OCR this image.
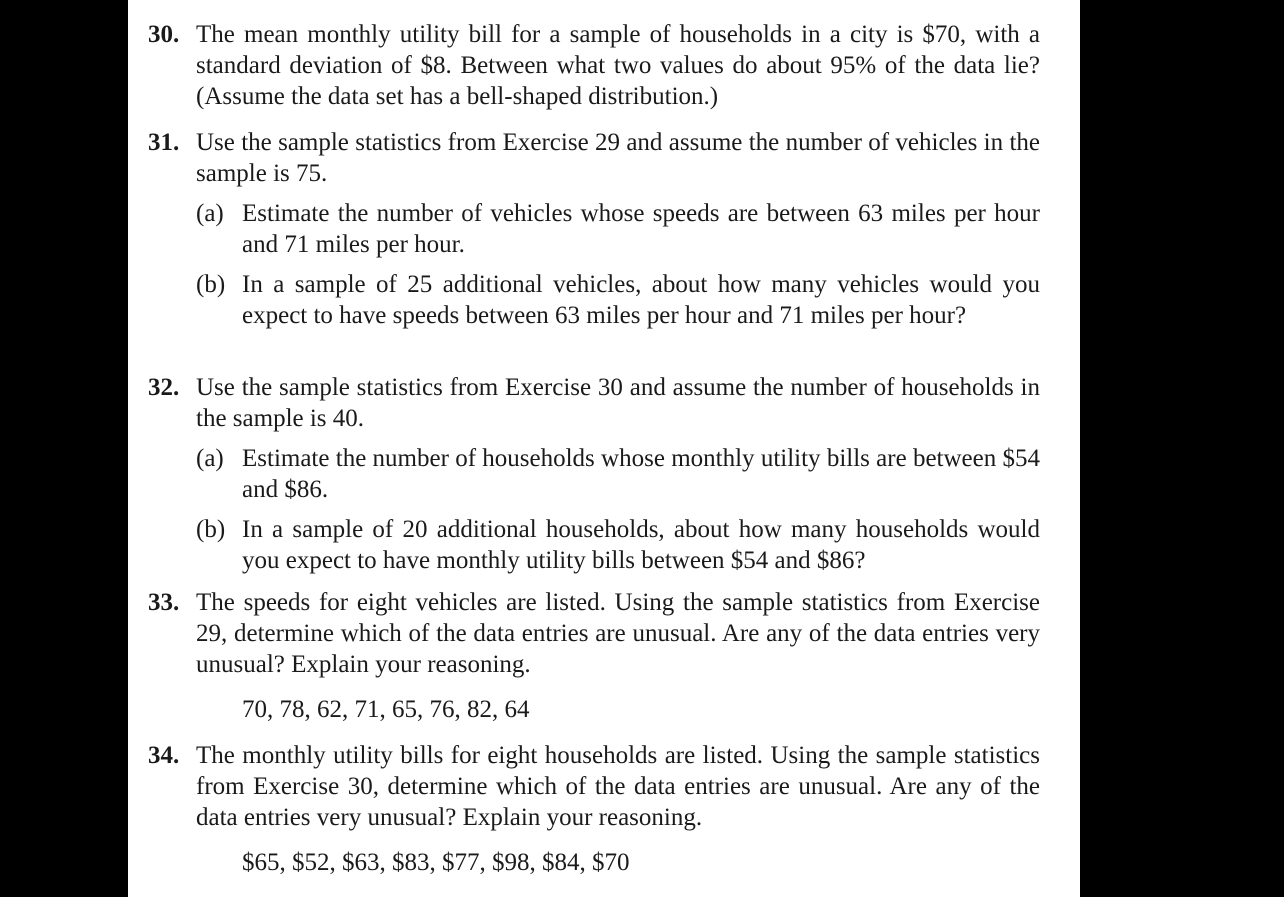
30. The mean monthly utility bill for a sample of households in a city is $70, with a standard deviation of $8. Between what two values do about 95% of the data lie? (Assume the data set has a bell-shaped distribution.)
31. Use the sample statistics from Exercise 29 and assume the number of vehicles in the sample is 75.
(a) Estimate the number of vehicles whose speeds are between 63 miles per hour and 71 miles per hour.
(b) In a sample of 25 additional vehicles, about how many vehicles would you expect to have speeds between 63 miles per hour and 71 miles per hour?
32. Use the sample statistics from Exercise 30 and assume the number of households in the sample is 40.
(a) Estimate the number of households whose monthly utility bills are between $54 and $86.
(b) In a sample of 20 additional households, about how many households would you expect to have monthly utility bills between $54 and $86?
33. The speeds for eight vehicles are listed. Using the sample statistics from Exercise 29, determine which of the data entries are unusual. Are any of the data entries very unusual? Explain your reasoning.
70, 78, 62, 71, 65, 76, 82, 64
34. The monthly utility bills for eight households are listed. Using the sample statistics from Exercise 30, determine which of the data entries are unusual. Are any of the data entries very unusual? Explain your reasoning.
$65, $52, $63, $83, $77, $98, $84, $70
